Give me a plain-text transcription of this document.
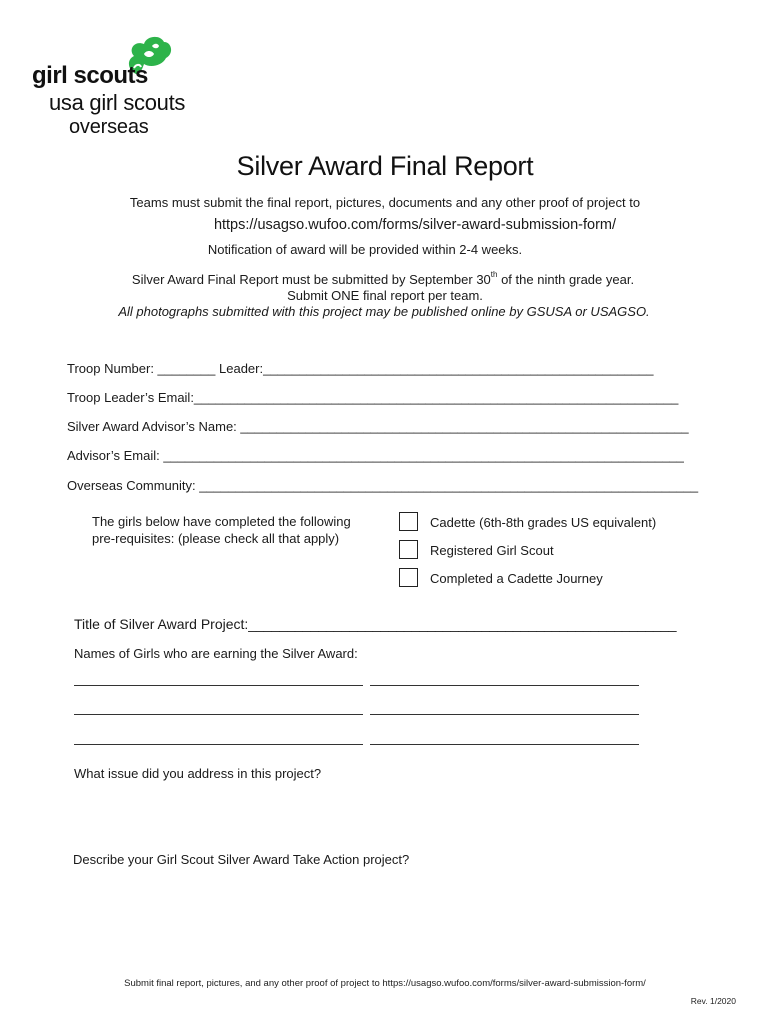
girl scouts
usa girl scouts
overseas
Silver Award Final Report
Teams must submit the final report, pictures, documents and any other proof of project to
https://usagso.wufoo.com/forms/silver-award-submission-form/
Notification of award will be provided within 2-4 weeks.
Silver Award Final Report must be submitted by September 30th of the ninth grade year.
Submit ONE final report per team.
All photographs submitted with this project may be published online by GSUSA or USAGSO.
Troop Number: ________ Leader:______________________________________________________
Troop Leader’s Email:___________________________________________________________________
Silver Award Advisor’s Name: ______________________________________________________________
Advisor’s Email: ________________________________________________________________________
Overseas Community: _____________________________________________________________________
The girls below have completed the following
pre-requisites: (please check all that apply)
Cadette (6th-8th grades US equivalent)
Registered Girl Scout
Completed a Cadette Journey
Title of Silver Award Project:_______________________________________________________
Names of Girls who are earning the Silver Award:
What issue did you address in this project?
Describe your Girl Scout Silver Award Take Action project?
Submit final report, pictures, and any other proof of project to https://usagso.wufoo.com/forms/silver-award-submission-form/
Rev. 1/2020
